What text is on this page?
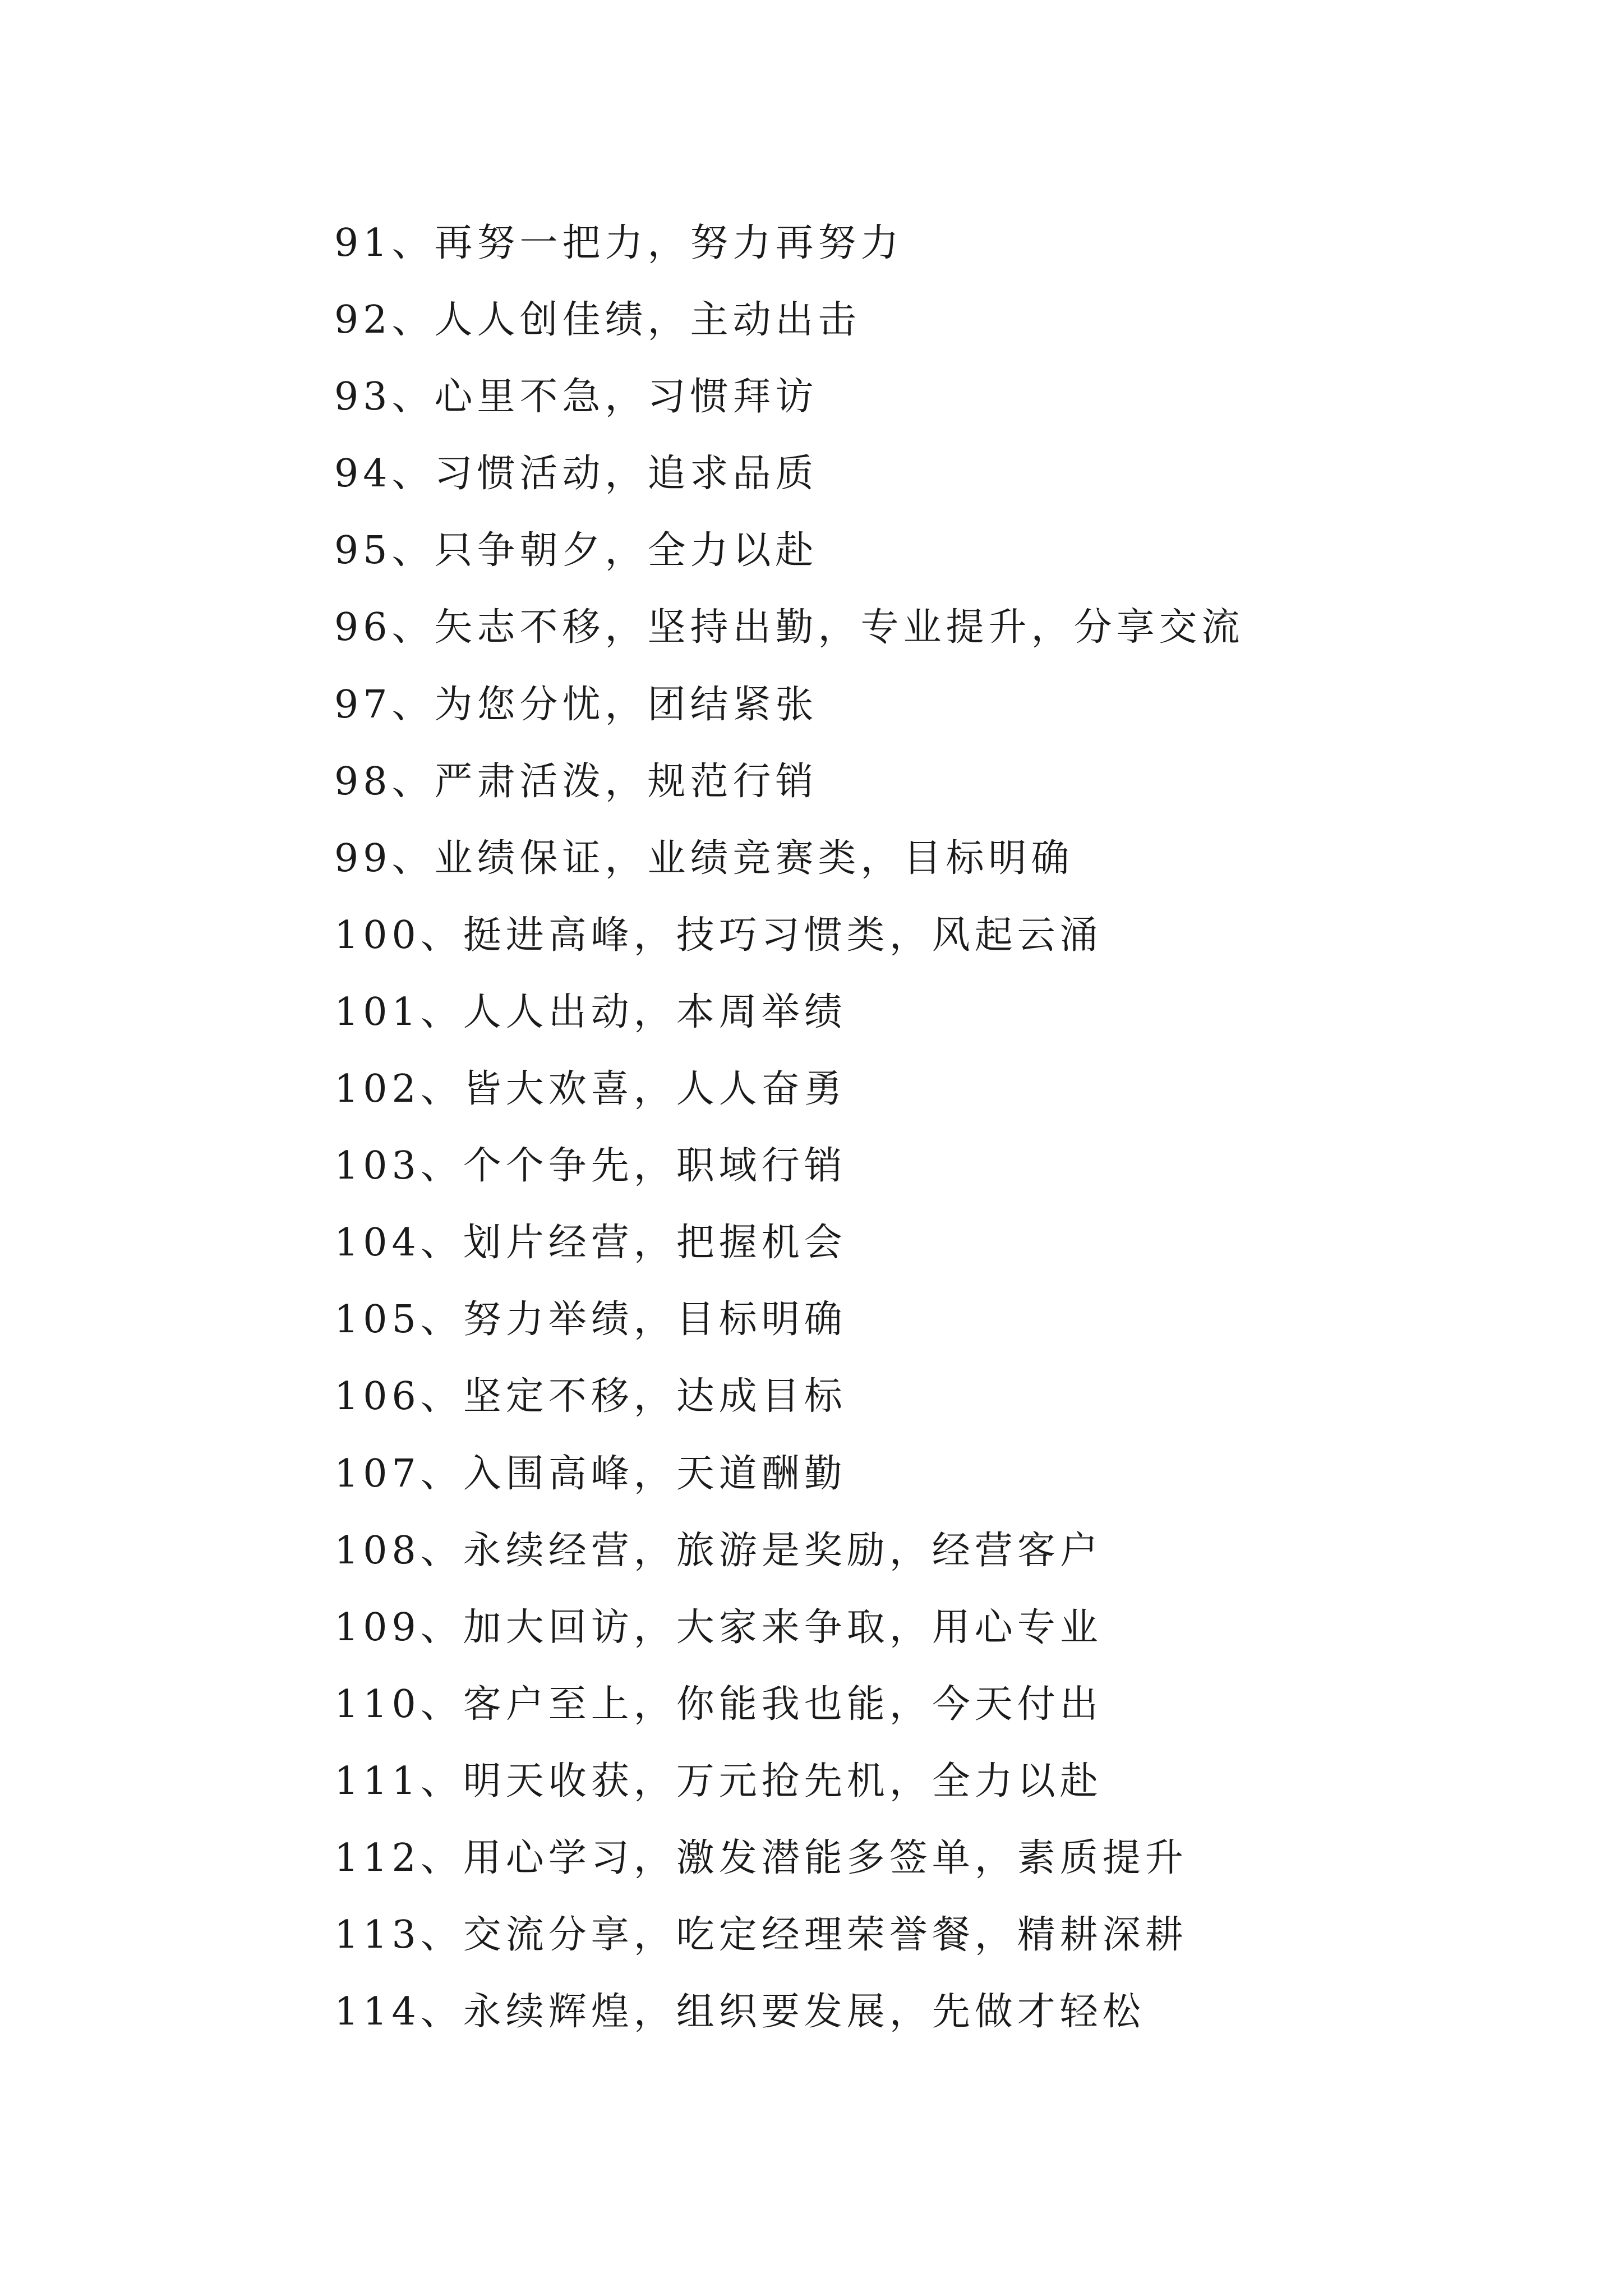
91、再努一把力，努力再努力
92、人人创佳绩，主动出击
93、心里不急，习惯拜访
94、习惯活动，追求品质
95、只争朝夕，全力以赴
96、矢志不移，坚持出勤，专业提升，分享交流
97、为您分忧，团结紧张
98、严肃活泼，规范行销
99、业绩保证，业绩竞赛类，目标明确
100、挺进高峰，技巧习惯类，风起云涌
101、人人出动，本周举绩
102、皆大欢喜，人人奋勇
103、个个争先，职域行销
104、划片经营，把握机会
105、努力举绩，目标明确
106、坚定不移，达成目标
107、入围高峰，天道酬勤
108、永续经营，旅游是奖励，经营客户
109、加大回访，大家来争取，用心专业
110、客户至上，你能我也能，今天付出
111、明天收获，万元抢先机，全力以赴
112、用心学习，激发潜能多签单，素质提升
113、交流分享，吃定经理荣誉餐，精耕深耕
114、永续辉煌，组织要发展，先做才轻松
